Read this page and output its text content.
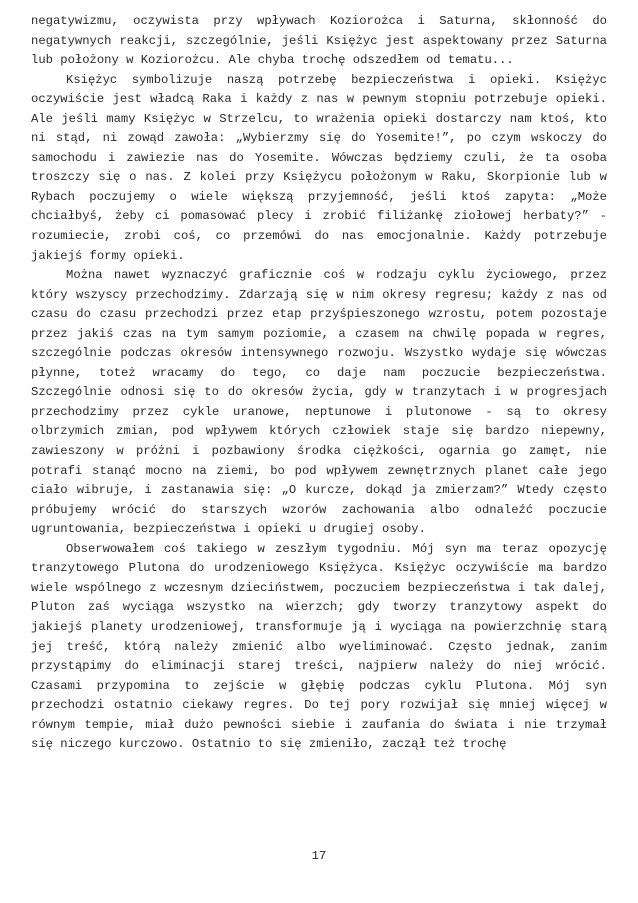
negatywizmu, oczywista przy wpływach Koziorożca i Saturna, skłonność do negatywnych reakcji, szczególnie, jeśli Księżyc jest aspektowany przez Saturna lub położony w Koziorożcu. Ale chyba trochę odszedłem od tematu...

Księżyc symbolizuje naszą potrzebę bezpieczeństwa i opieki. Księżyc oczywiście jest władcą Raka i każdy z nas w pewnym stopniu potrzebuje opieki. Ale jeśli mamy Księżyc w Strzelcu, to wrażenia opieki dostarczy nam ktoś, kto ni stąd, ni zowąd zawoła: „Wybierzmy się do Yosemite!”, po czym wskoczy do samochodu i zawiezie nas do Yosemite. Wówczas będziemy czuli, że ta osoba troszczy się o nas. Z kolei przy Księżycu położonym w Raku, Skorpionie lub w Rybach poczujemy o wiele większą przyjemność, jeśli ktoś zapyta: „Może chciałbyś, żeby ci pomasować plecy i zrobić filiżankę ziołowej herbaty?” - rozumiecie, zrobi coś, co przemówi do nas emocjonalnie. Każdy potrzebuje jakiejś formy opieki.

Można nawet wyznaczyć graficznie coś w rodzaju cyklu życiowego, przez który wszyscy przechodzimy. Zdarzają się w nim okresy regresu; każdy z nas od czasu do czasu przechodzi przez etap przyśpieszonego wzrostu, potem pozostaje przez jakiś czas na tym samym poziomie, a czasem na chwilę popada w regres, szczególnie podczas okresów intensywnego rozwoju. Wszystko wydaje się wówczas płynne, toteż wracamy do tego, co daje nam poczucie bezpieczeństwa. Szczególnie odnosi się to do okresów życia, gdy w tranzytach i w progresjach przechodzimy przez cykle uranowe, neptunowe i plutonowe - są to okresy olbrzymich zmian, pod wpływem których człowiek staje się bardzo niepewny, zawieszony w próżni i pozbawiony środka ciężkości, ogarnia go zamęt, nie potrafi stanąć mocno na ziemi, bo pod wpływem zewnętrznych planet całe jego ciało wibruje, i zastanawia się: „O kurcze, dokąd ja zmierzam?” Wtedy często próbujemy wrócić do starszych wzorów zachowania albo odnaleźć poczucie ugruntowania, bezpieczeństwa i opieki u drugiej osoby.

Obserwowałem coś takiego w zeszłym tygodniu. Mój syn ma teraz opozycję tranzytowego Plutona do urodzeniowego Księżyca. Księżyc oczywiście ma bardzo wiele wspólnego z wczesnym dzieciństwem, poczuciem bezpieczeństwa i tak dalej, Pluton zaś wyciąga wszystko na wierzch; gdy tworzy tranzytowy aspekt do jakiejś planety urodzeniowej, transformuje ją i wyciąga na powierzchnię starą jej treść, którą należy zmienić albo wyeliminować. Często jednak, zanim przystąpimy do eliminacji starej treści, najpierw należy do niej wrócić. Czasami przypomina to zejście w głębię podczas cyklu Plutona. Mój syn przechodzi ostatnio ciekawy regres. Do tej pory rozwijał się mniej więcej w równym tempie, miał dużo pewności siebie i zaufania do świata i nie trzymał się niczego kurczowo. Ostatnio to się zmieniło, zaczął też trochę

17
